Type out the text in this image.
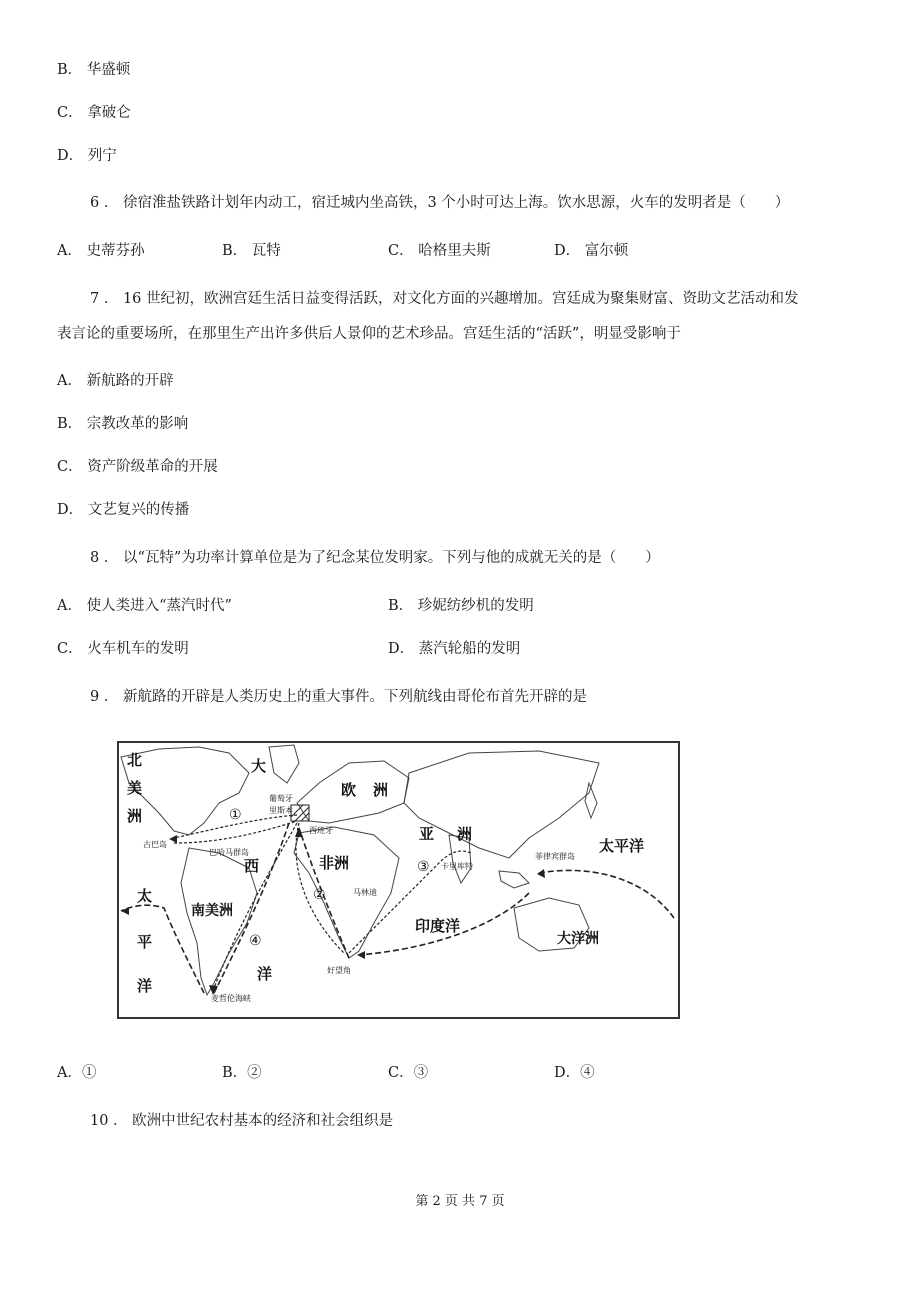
B． 华盛顿
C． 拿破仑
D． 列宁
6 ． 徐宿淮盐铁路计划年内动工，宿迁城内坐高铁，3 个小时可达上海。饮水思源，火车的发明者是（　　）
A． 史蒂芬孙	B． 瓦特	C． 哈格里夫斯	D． 富尔顿
7 ． 16 世纪初，欧洲宫廷生活日益变得活跃，对文化方面的兴趣增加。宫廷成为聚集财富、资助文艺活动和发
表言论的重要场所，在那里生产出许多供后人景仰的艺术珍品。宫廷生活的“活跃”，明显受影响于
A． 新航路的开辟
B． 宗教改革的影响
C． 资产阶级革命的开展
D． 文艺复兴的传播
8 ． 以“瓦特”为功率计算单位是为了纪念某位发明家。下列与他的成就无关的是（　　）
A． 使人类进入“蒸汽时代”	B． 珍妮纺纱机的发明
C． 火车机车的发明	D． 蒸汽轮船的发明
9 ． 新航路的开辟是人类历史上的重大事件。下列航线由哥伦布首先开辟的是
北
美
洲
大
欧 洲
亚 洲
非洲
南美洲
西
洋
印度洋
大洋洲
太平洋
太
平
洋
葡萄牙
里斯本
西班牙
古巴岛
巴哈马群岛
卡里库特
马林迪
菲律宾群岛
好望角
麦哲伦海峡
①
②
③
④
A．①	B．②	C．③	D．④
10 ． 欧洲中世纪农村基本的经济和社会组织是
第 2 页 共 7 页
